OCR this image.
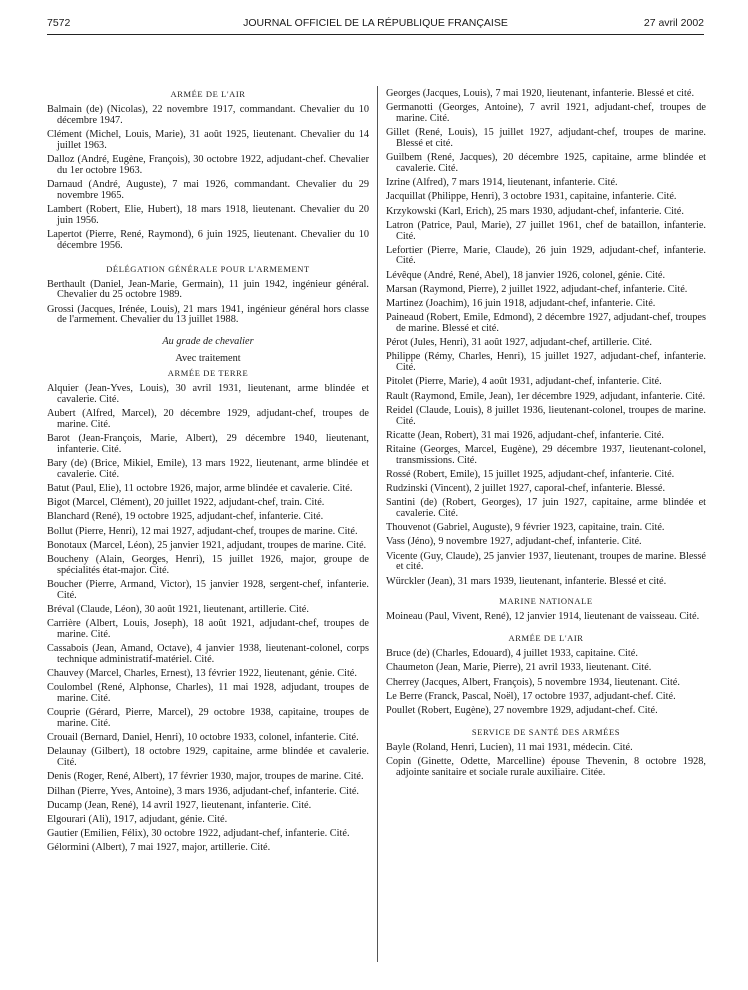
7572	JOURNAL OFFICIEL DE LA RÉPUBLIQUE FRANÇAISE	27 avril 2002
ARMÉE DE L'AIR

Balmain (de) (Nicolas), 22 novembre 1917, commandant. Chevalier du 10 décembre 1947.

Clément (Michel, Louis, Marie), 31 août 1925, lieutenant. Chevalier du 14 juillet 1963.

Dalloz (André, Eugène, François), 30 octobre 1922, adjudant-chef. Chevalier du 1er octobre 1963.

Darnaud (André, Auguste), 7 mai 1926, commandant. Chevalier du 29 novembre 1965.

Lambert (Robert, Elie, Hubert), 18 mars 1918, lieutenant. Chevalier du 20 juin 1956.

Lapertot (Pierre, René, Raymond), 6 juin 1925, lieutenant. Chevalier du 10 décembre 1956.

DÉLÉGATION GÉNÉRALE POUR L'ARMEMENT

Berthault (Daniel, Jean-Marie, Germain), 11 juin 1942, ingénieur général. Chevalier du 25 octobre 1989.

Grossi (Jacques, Irénée, Louis), 21 mars 1941, ingénieur général hors classe de l'armement. Chevalier du 13 juillet 1988.

Au grade de chevalier
Avec traitement
ARMÉE DE TERRE

Alquier (Jean-Yves, Louis), 30 avril 1931, lieutenant, arme blindée et cavalerie. Cité.

Aubert (Alfred, Marcel), 20 décembre 1929, adjudant-chef, troupes de marine. Cité.

Barot (Jean-François, Marie, Albert), 29 décembre 1940, lieutenant, infanterie. Cité.

Bary (de) (Brice, Mikiel, Emile), 13 mars 1922, lieutenant, arme blindée et cavalerie. Cité.

Batut (Paul, Elie), 11 octobre 1926, major, arme blindée et cavalerie. Cité.

Bigot (Marcel, Clément), 20 juillet 1922, adjudant-chef, train. Cité.

Blanchard (René), 19 octobre 1925, adjudant-chef, infanterie. Cité.

Bollut (Pierre, Henri), 12 mai 1927, adjudant-chef, troupes de marine. Cité.

Bonotaux (Marcel, Léon), 25 janvier 1921, adjudant, troupes de marine. Cité.

Boucheny (Alain, Georges, Henri), 15 juillet 1926, major, groupe de spécialités état-major. Cité.

Boucher (Pierre, Armand, Victor), 15 janvier 1928, sergent-chef, infanterie. Cité.

Bréval (Claude, Léon), 30 août 1921, lieutenant, artillerie. Cité.

Carrière (Albert, Louis, Joseph), 18 août 1921, adjudant-chef, troupes de marine. Cité.

Cassabois (Jean, Amand, Octave), 4 janvier 1938, lieutenant-colonel, corps technique administratif-matériel. Cité.

Chauvey (Marcel, Charles, Ernest), 13 février 1922, lieutenant, génie. Cité.

Coulombel (René, Alphonse, Charles), 11 mai 1928, adjudant, troupes de marine. Cité.

Couprie (Gérard, Pierre, Marcel), 29 octobre 1938, capitaine, troupes de marine. Cité.

Crouail (Bernard, Daniel, Henri), 10 octobre 1933, colonel, infanterie. Cité.

Delaunay (Gilbert), 18 octobre 1929, capitaine, arme blindée et cavalerie. Cité.

Denis (Roger, René, Albert), 17 février 1930, major, troupes de marine. Cité.

Dilhan (Pierre, Yves, Antoine), 3 mars 1936, adjudant-chef, infanterie. Cité.

Ducamp (Jean, René), 14 avril 1927, lieutenant, infanterie. Cité.

Elgourari (Ali), 1917, adjudant, génie. Cité.

Gautier (Emilien, Félix), 30 octobre 1922, adjudant-chef, infanterie. Cité.

Gélormini (Albert), 7 mai 1927, major, artillerie. Cité.

Georges (Jacques, Louis), 7 mai 1920, lieutenant, infanterie. Blessé et cité.

Germanotti (Georges, Antoine), 7 avril 1921, adjudant-chef, troupes de marine. Cité.

Gillet (René, Louis), 15 juillet 1927, adjudant-chef, troupes de marine. Blessé et cité.

Guilbem (René, Jacques), 20 décembre 1925, capitaine, arme blindée et cavalerie. Cité.

Izrine (Alfred), 7 mars 1914, lieutenant, infanterie. Cité.

Jacquillat (Philippe, Henri), 3 octobre 1931, capitaine, infanterie. Cité.

Krzykowski (Karl, Erich), 25 mars 1930, adjudant-chef, infanterie. Cité.

Latron (Patrice, Paul, Marie), 27 juillet 1961, chef de bataillon, infanterie. Cité.

Lefortier (Pierre, Marie, Claude), 26 juin 1929, adjudant-chef, infanterie. Cité.

Lévêque (André, René, Abel), 18 janvier 1926, colonel, génie. Cité.

Marsan (Raymond, Pierre), 2 juillet 1922, adjudant-chef, infanterie. Cité.

Martinez (Joachim), 16 juin 1918, adjudant-chef, infanterie. Cité.

Paineaud (Robert, Emile, Edmond), 2 décembre 1927, adjudant-chef, troupes de marine. Blessé et cité.

Pérot (Jules, Henri), 31 août 1927, adjudant-chef, artillerie. Cité.

Philippe (Rémy, Charles, Henri), 15 juillet 1927, adjudant-chef, infanterie. Cité.

Pitolet (Pierre, Marie), 4 août 1931, adjudant-chef, infanterie. Cité.

Rault (Raymond, Emile, Jean), 1er décembre 1929, adjudant, infanterie. Cité.

Reidel (Claude, Louis), 8 juillet 1936, lieutenant-colonel, troupes de marine. Cité.

Ricatte (Jean, Robert), 31 mai 1926, adjudant-chef, infanterie. Cité.

Ritaine (Georges, Marcel, Eugène), 29 décembre 1937, lieutenant-colonel, transmissions. Cité.

Rossé (Robert, Emile), 15 juillet 1925, adjudant-chef, infanterie. Cité.

Rudzinski (Vincent), 2 juillet 1927, caporal-chef, infanterie. Blessé.

Santini (de) (Robert, Georges), 17 juin 1927, capitaine, arme blindée et cavalerie. Cité.

Thouvenot (Gabriel, Auguste), 9 février 1923, capitaine, train. Cité.

Vass (Jéno), 9 novembre 1927, adjudant-chef, infanterie. Cité.

Vicente (Guy, Claude), 25 janvier 1937, lieutenant, troupes de marine. Blessé et cité.

Würckler (Jean), 31 mars 1939, lieutenant, infanterie. Blessé et cité.

MARINE NATIONALE

Moineau (Paul, Vivent, René), 12 janvier 1914, lieutenant de vaisseau. Cité.

ARMÉE DE L'AIR

Bruce (de) (Charles, Edouard), 4 juillet 1933, capitaine. Cité.

Chaumeton (Jean, Marie, Pierre), 21 avril 1933, lieutenant. Cité.

Cherrey (Jacques, Albert, François), 5 novembre 1934, lieutenant. Cité.

Le Berre (Franck, Pascal, Noël), 17 octobre 1937, adjudant-chef. Cité.

Poullet (Robert, Eugène), 27 novembre 1929, adjudant-chef. Cité.

SERVICE DE SANTÉ DES ARMÉES

Bayle (Roland, Henri, Lucien), 11 mai 1931, médecin. Cité.

Copin (Ginette, Odette, Marcelline) épouse Thevenin, 8 octobre 1928, adjointe sanitaire et sociale rurale auxiliaire. Citée.
